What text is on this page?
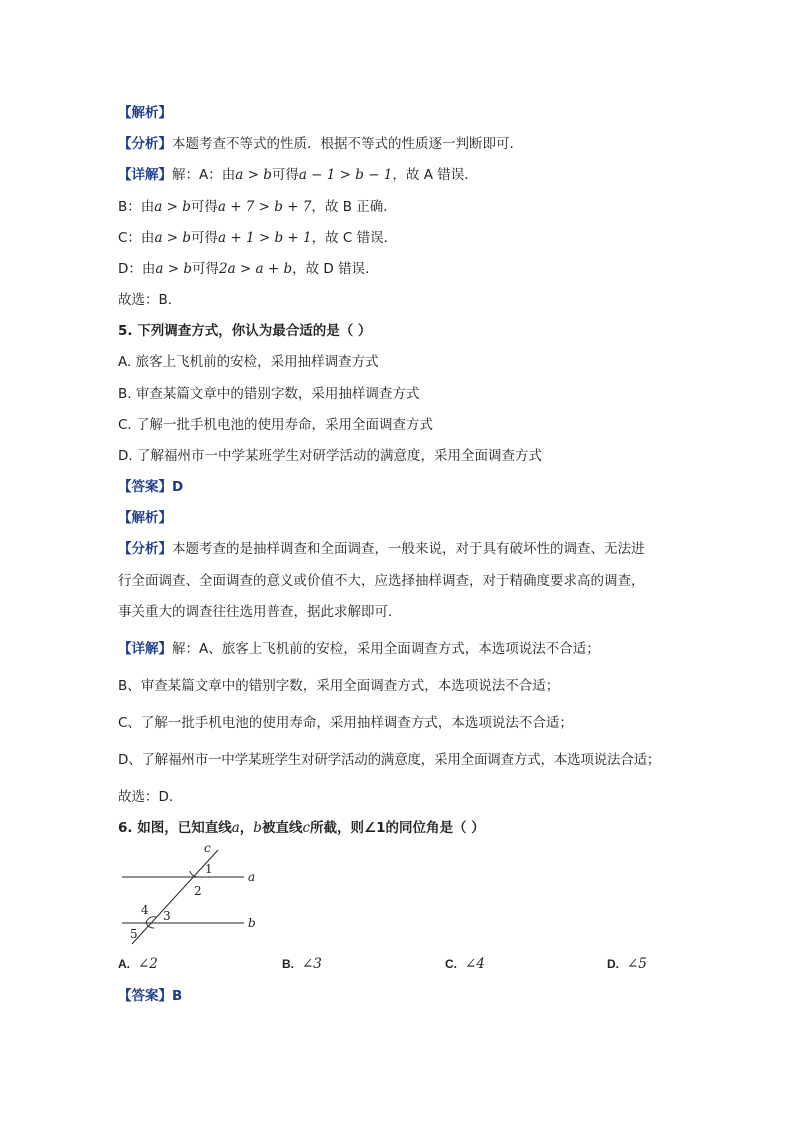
【解析】
【分析】本题考查不等式的性质．根据不等式的性质逐一判断即可．
【详解】解：A：由a > b可得a − 1 > b − 1，故 A 错误．
B：由a > b可得a + 7 > b + 7，故 B 正确．
C：由a > b可得a + 1 > b + 1，故 C 错误．
D：由a > b可得2a > a + b，故 D 错误．
故选：B．
5. 下列调查方式，你认为最合适的是（ ）
A. 旅客上飞机前的安检，采用抽样调查方式
B. 审查某篇文章中的错别字数，采用抽样调查方式
C. 了解一批手机电池的使用寿命，采用全面调查方式
D. 了解福州市一中学某班学生对研学活动的满意度，采用全面调查方式
【答案】D
【解析】
【分析】本题考查的是抽样调查和全面调查，一般来说，对于具有破坏性的调查、无法进
行全面调查、全面调查的意义或价值不大，应选择抽样调查，对于精确度要求高的调查，
事关重大的调查往往选用普查，据此求解即可．
【详解】解：A、旅客上飞机前的安检，采用全面调查方式，本选项说法不合适；
B、审查某篇文章中的错别字数，采用全面调查方式，本选项说法不合适；
C、了解一批手机电池的使用寿命，采用抽样调查方式，本选项说法不合适；
D、了解福州市一中学某班学生对研学活动的满意度，采用全面调查方式，本选项说法合适；
故选：D．
6. 如图，已知直线a，b被直线c所截，则∠1的同位角是（ ）
c
a
b
1
2
3
4
5
A. ∠2	B. ∠3	C. ∠4	D. ∠5
【答案】B
